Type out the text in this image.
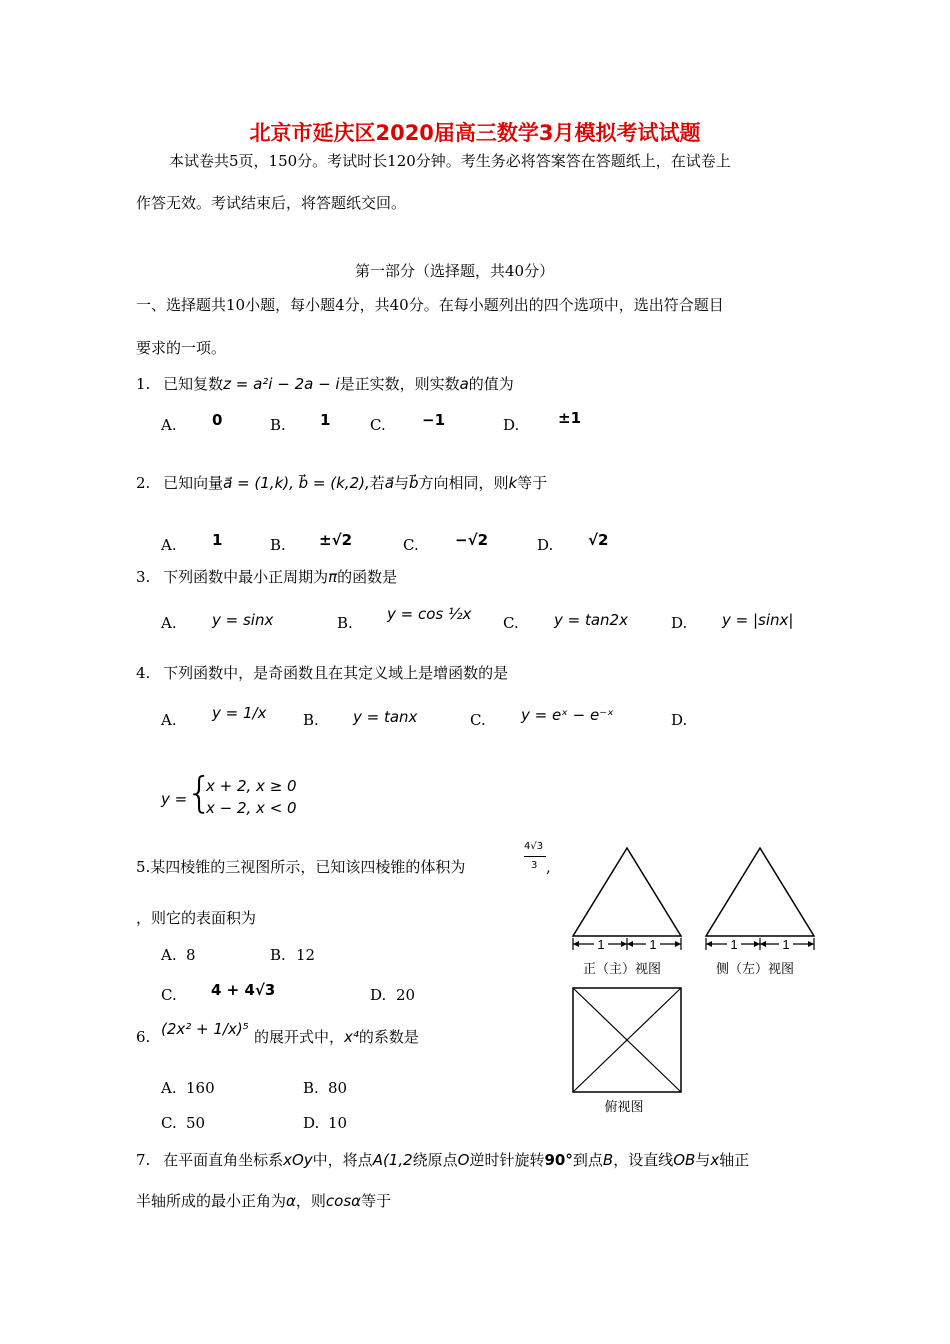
北京市延庆区2020届高三数学3月模拟考试试题
本试卷共5页，150分。考试时长120分钟。考生务必将答案答在答题纸上，在试卷上
作答无效。考试结束后，将答题纸交回。
第一部分（选择题，共40分）
一、选择题共10小题，每小题4分，共40分。在每小题列出的四个选项中，选出符合题目
要求的一项。
1. 已知复数z = a²i − 2a − i是正实数，则实数a的值为
A. 0	B. 1	C. −1	D.	±1
2. 已知向量a⃗ = (1,k), b⃗ = (k,2),若a⃗与b⃗方向相同，则k等于
A. 1	B. ±√2	C. −√2	D. √2
3. 下列函数中最小正周期为π的函数是
A. y = sinx	B. y = cos ½x C. y = tan2x	D. y = |sinx|
4. 下列函数中，是奇函数且在其定义域上是增函数的是
A. y = 1/x B. y = tanx	C. y = eˣ − e⁻ˣ	D.
y =
{
x + 2, x ≥ 0
x − 2, x < 0
5.某四棱锥的三视图所示，已知该四棱锥的体积为
4√3
3 ,
，则它的表面积为
A. 8	B. 12
C. 4 + 4√3	D. 20
6. (2x² + 1/x)⁵ 的展开式中，x⁴的系数是
A. 160	B. 80
C. 50	D. 10
7. 在平面直角坐标系xOy中，将点A(1,2绕原点O逆时针旋转90°到点B，设直线OB与x轴正
半轴所成的最小正角为α，则cosα等于
1	1
正（主）视图
1	1
侧（左）视图
俯视图
